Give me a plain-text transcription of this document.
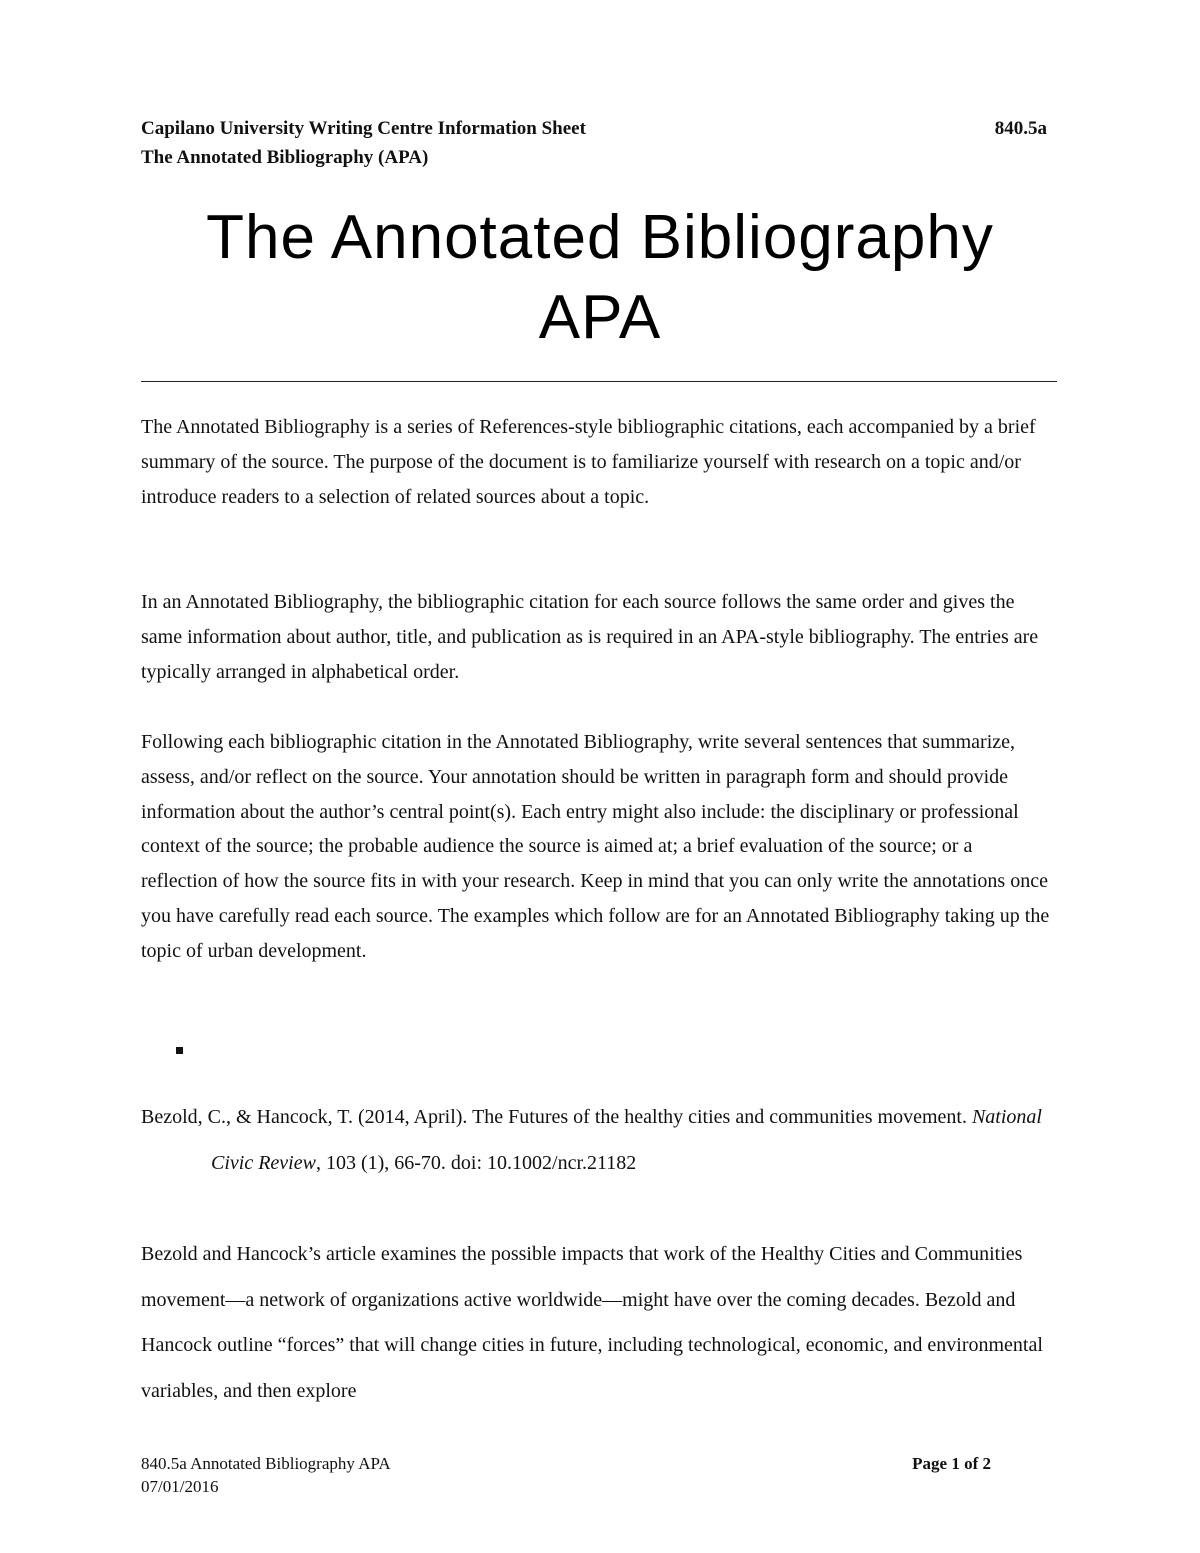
Capilano University Writing Centre Information Sheet	840.5a
The Annotated Bibliography (APA)
The Annotated Bibliography
APA
The Annotated Bibliography is a series of References-style bibliographic citations, each accompanied by a brief summary of the source. The purpose of the document is to familiarize yourself with research on a topic and/or introduce readers to a selection of related sources about a topic.
In an Annotated Bibliography, the bibliographic citation for each source follows the same order and gives the same information about author, title, and publication as is required in an APA-style bibliography. The entries are typically arranged in alphabetical order.
Following each bibliographic citation in the Annotated Bibliography, write several sentences that summarize, assess, and/or reflect on the source. Your annotation should be written in paragraph form and should provide information about the author’s central point(s). Each entry might also include: the disciplinary or professional context of the source; the probable audience the source is aimed at; a brief evaluation of the source; or a reflection of how the source fits in with your research. Keep in mind that you can only write the annotations once you have carefully read each source. The examples which follow are for an Annotated Bibliography taking up the topic of urban development.
Bezold, C., & Hancock, T. (2014, April). The Futures of the healthy cities and communities movement. National Civic Review, 103 (1), 66-70. doi: 10.1002/ncr.21182
Bezold and Hancock’s article examines the possible impacts that work of the Healthy Cities and Communities movement—a network of organizations active worldwide—might have over the coming decades. Bezold and Hancock outline “forces” that will change cities in future, including technological, economic, and environmental variables, and then explore
840.5a Annotated Bibliography APA	Page 1 of 2
07/01/2016
